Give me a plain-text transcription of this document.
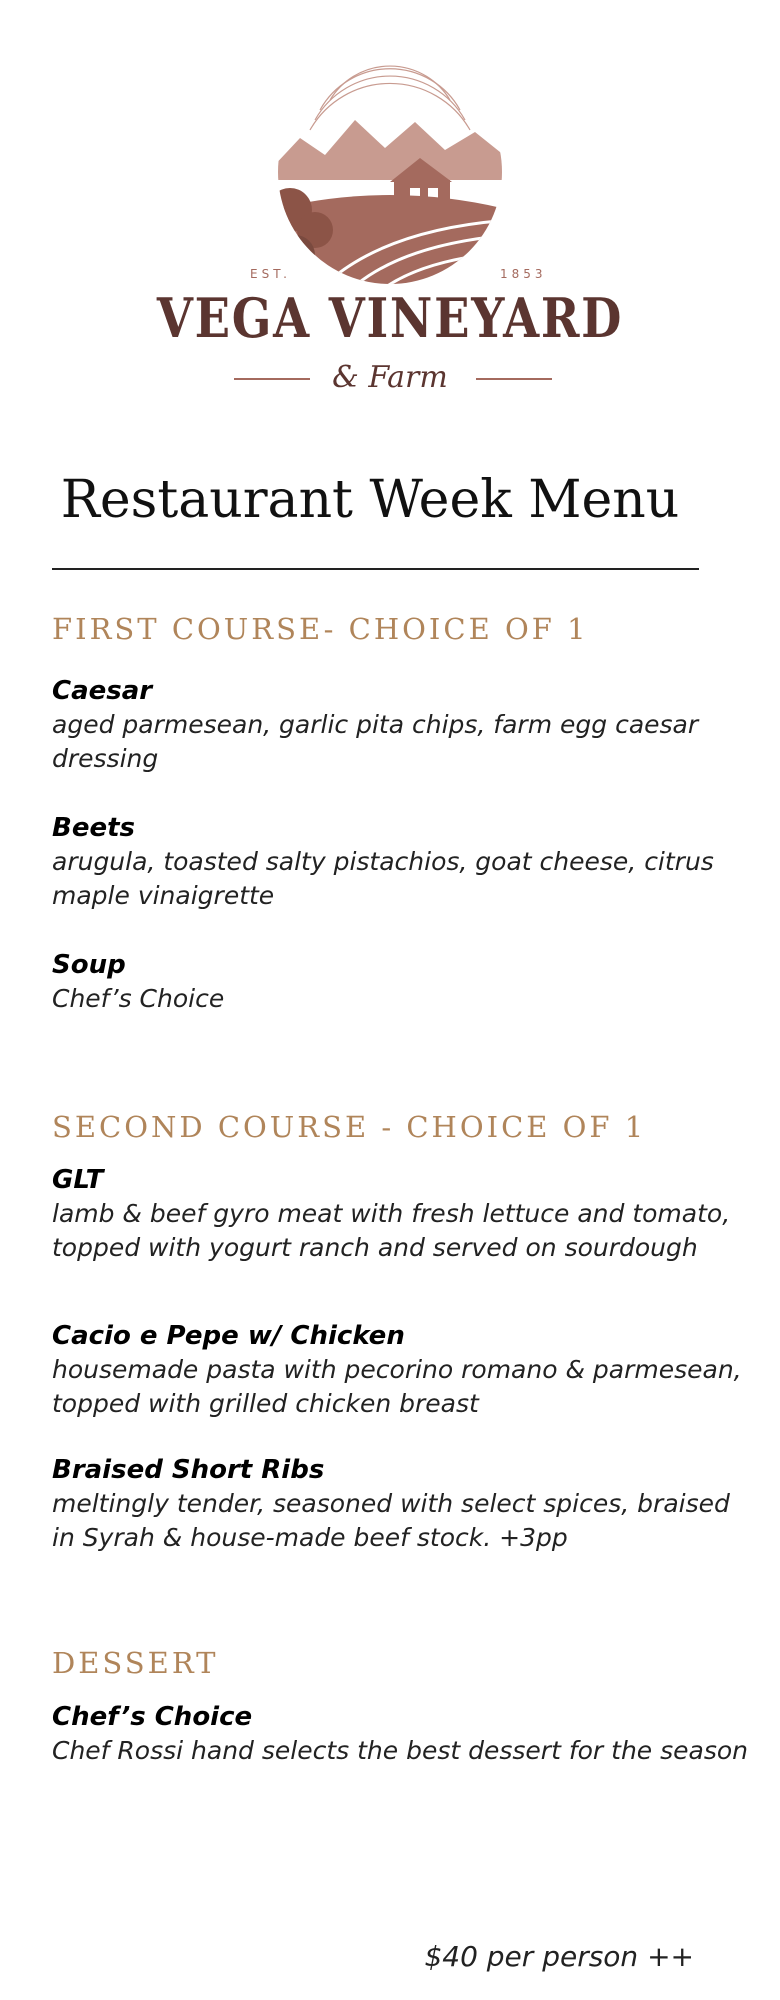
EST.	1853
VEGA VINEYARD
& Farm
Restaurant Week Menu
FIRST COURSE- CHOICE OF 1
Caesar
aged parmesean, garlic pita chips, farm egg caesar dressing
Beets
arugula, toasted salty pistachios, goat cheese, citrus maple vinaigrette
Soup
Chef’s Choice
SECOND COURSE - CHOICE OF 1
GLT
lamb & beef gyro meat with fresh lettuce and tomato, topped with yogurt ranch and served on sourdough
Cacio e Pepe w/ Chicken
housemade pasta with pecorino romano & parmesean, topped with grilled chicken breast
Braised Short Ribs
meltingly tender, seasoned with select spices, braised in Syrah & house-made beef stock. +3pp
DESSERT
Chef’s Choice
Chef Rossi hand selects the best dessert for the season
$40 per person ++
